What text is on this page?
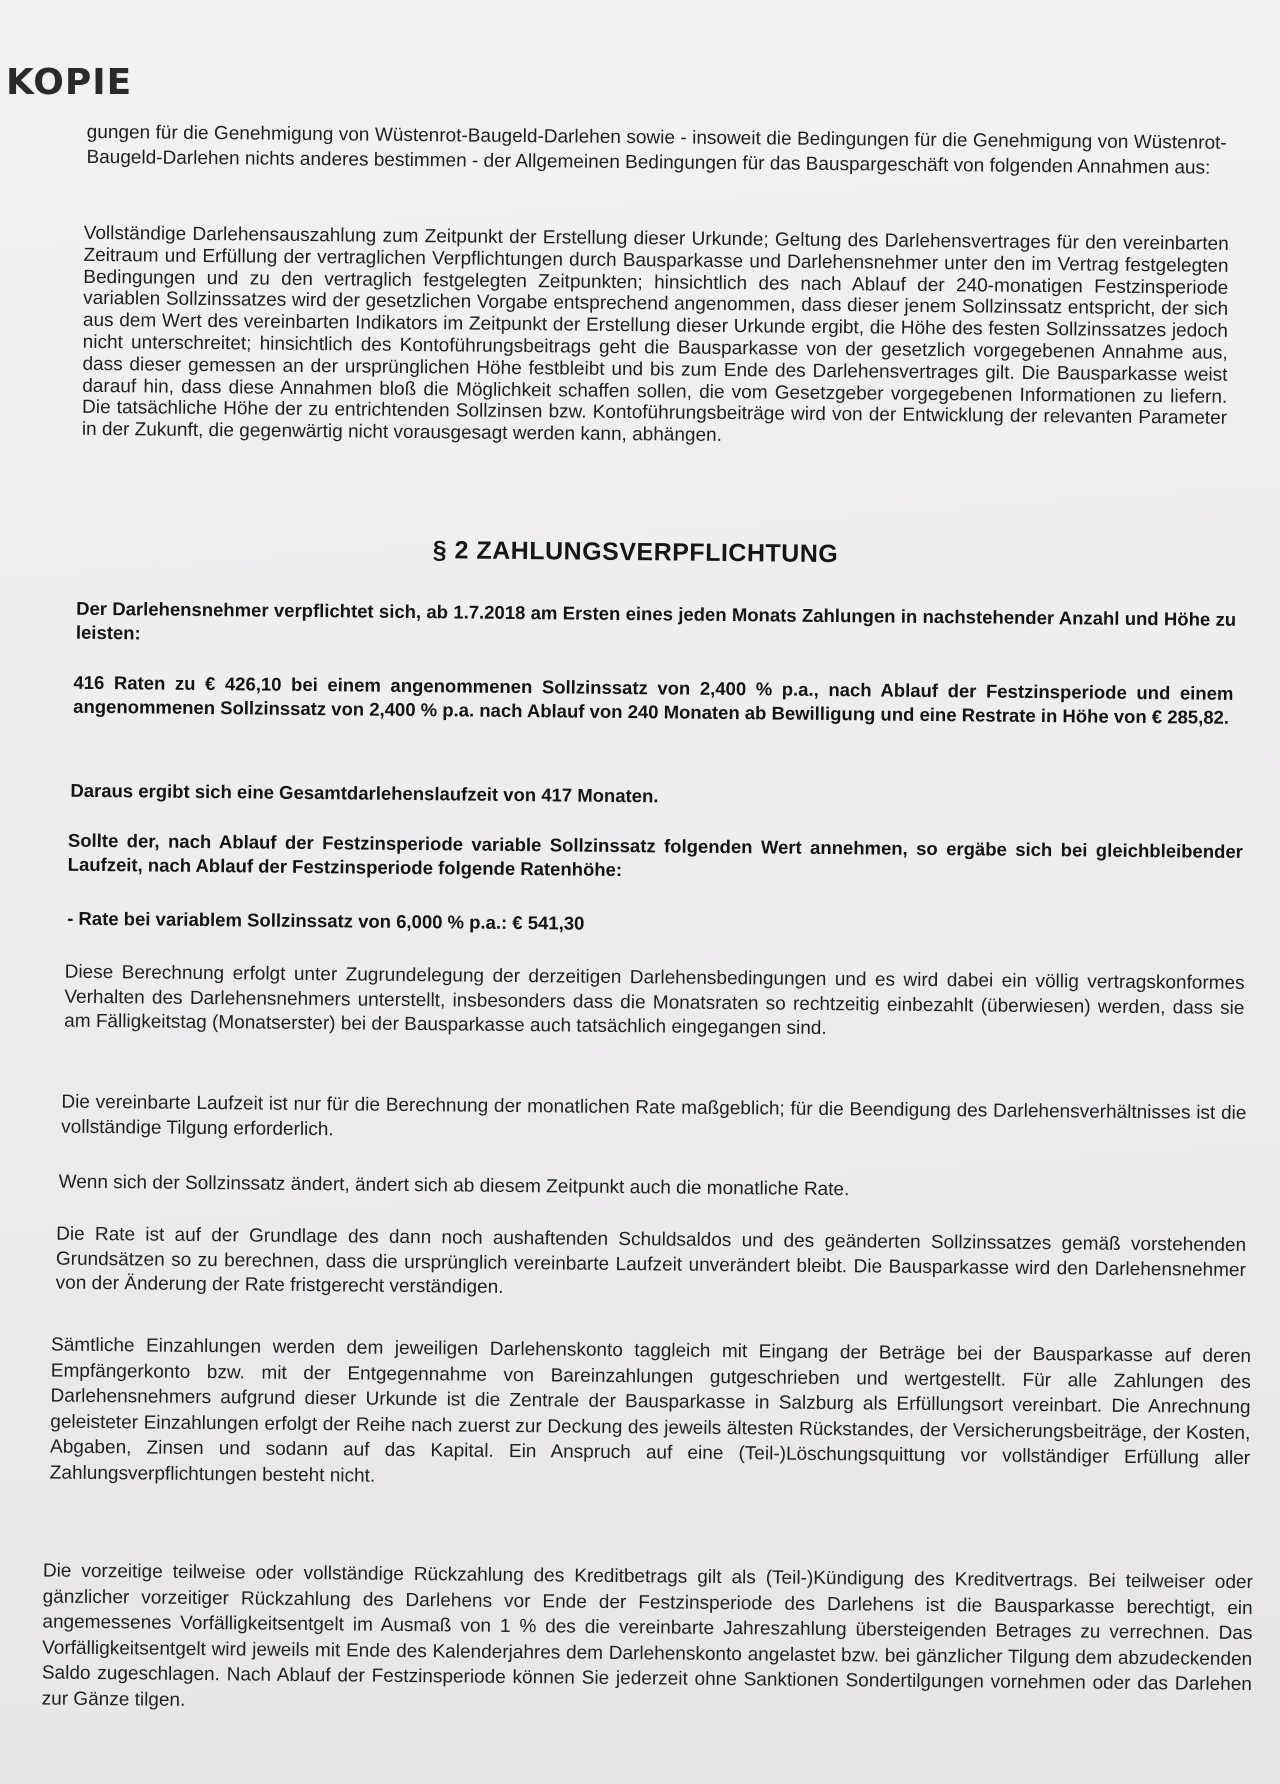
KOPIE

gungen für die Genehmigung von Wüstenrot-Baugeld-Darlehen sowie - insoweit die Bedingungen für die Genehmigung von Wüstenrot-Baugeld-Darlehen nichts anderes bestimmen - der Allgemeinen Bedingungen für das Bauspargeschäft von folgenden Annahmen aus:

Vollständige Darlehensauszahlung zum Zeitpunkt der Erstellung dieser Urkunde; Geltung des Darlehensvertrages für den vereinbarten Zeitraum und Erfüllung der vertraglichen Verpflichtungen durch Bausparkasse und Darlehensnehmer unter den im Vertrag festgelegten Bedingungen und zu den vertraglich festgelegten Zeitpunkten; hinsichtlich des nach Ablauf der 240-monatigen Festzinsperiode variablen Sollzinssatzes wird der gesetzlichen Vorgabe entsprechend angenommen, dass dieser jenem Sollzinssatz entspricht, der sich aus dem Wert des vereinbarten Indikators im Zeitpunkt der Erstellung dieser Urkunde ergibt, die Höhe des festen Sollzinssatzes jedoch nicht unterschreitet; hinsichtlich des Kontoführungsbeitrags geht die Bausparkasse von der gesetzlich vorgegebenen Annahme aus, dass dieser gemessen an der ursprünglichen Höhe festbleibt und bis zum Ende des Darlehensvertrages gilt. Die Bausparkasse weist darauf hin, dass diese Annahmen bloß die Möglichkeit schaffen sollen, die vom Gesetzgeber vorgegebenen Informationen zu liefern. Die tatsächliche Höhe der zu entrichtenden Sollzinsen bzw. Kontoführungsbeiträge wird von der Entwicklung der relevanten Parameter in der Zukunft, die gegenwärtig nicht vorausgesagt werden kann, abhängen.

§ 2 ZAHLUNGSVERPFLICHTUNG

Der Darlehensnehmer verpflichtet sich, ab 1.7.2018 am Ersten eines jeden Monats Zahlungen in nachstehender Anzahl und Höhe zu leisten:

416 Raten zu € 426,10 bei einem angenommenen Sollzinssatz von 2,400 % p.a., nach Ablauf der Festzinsperiode und einem angenommenen Sollzinssatz von 2,400 % p.a. nach Ablauf von 240 Monaten ab Bewilligung und eine Restrate in Höhe von € 285,82.

Daraus ergibt sich eine Gesamtdarlehenslaufzeit von 417 Monaten.

Sollte der, nach Ablauf der Festzinsperiode variable Sollzinssatz folgenden Wert annehmen, so ergäbe sich bei gleichbleibender Laufzeit, nach Ablauf der Festzinsperiode folgende Ratenhöhe:

- Rate bei variablem Sollzinssatz von 6,000 % p.a.: € 541,30

Diese Berechnung erfolgt unter Zugrundelegung der derzeitigen Darlehensbedingungen und es wird dabei ein völlig vertragskonformes Verhalten des Darlehensnehmers unterstellt, insbesonders dass die Monatsraten so rechtzeitig einbezahlt (überwiesen) werden, dass sie am Fälligkeitstag (Monatserster) bei der Bausparkasse auch tatsächlich eingegangen sind.

Die vereinbarte Laufzeit ist nur für die Berechnung der monatlichen Rate maßgeblich; für die Beendigung des Darlehensverhältnisses ist die vollständige Tilgung erforderlich.

Wenn sich der Sollzinssatz ändert, ändert sich ab diesem Zeitpunkt auch die monatliche Rate.

Die Rate ist auf der Grundlage des dann noch aushaftenden Schuldsaldos und des geänderten Sollzinssatzes gemäß vorstehenden Grundsätzen so zu berechnen, dass die ursprünglich vereinbarte Laufzeit unverändert bleibt. Die Bausparkasse wird den Darlehensnehmer von der Änderung der Rate fristgerecht verständigen.

Sämtliche Einzahlungen werden dem jeweiligen Darlehenskonto taggleich mit Eingang der Beträge bei der Bausparkasse auf deren Empfängerkonto bzw. mit der Entgegennahme von Bareinzahlungen gutgeschrieben und wertgestellt. Für alle Zahlungen des Darlehensnehmers aufgrund dieser Urkunde ist die Zentrale der Bausparkasse in Salzburg als Erfüllungsort vereinbart. Die Anrechnung geleisteter Einzahlungen erfolgt der Reihe nach zuerst zur Deckung des jeweils ältesten Rückstandes, der Versicherungsbeiträge, der Kosten, Abgaben, Zinsen und sodann auf das Kapital. Ein Anspruch auf eine (Teil-)Löschungsquittung vor vollständiger Erfüllung aller Zahlungsverpflichtungen besteht nicht.

Die vorzeitige teilweise oder vollständige Rückzahlung des Kreditbetrags gilt als (Teil-)Kündigung des Kreditvertrags. Bei teilweiser oder gänzlicher vorzeitiger Rückzahlung des Darlehens vor Ende der Festzinsperiode des Darlehens ist die Bausparkasse berechtigt, ein angemessenes Vorfälligkeitsentgelt im Ausmaß von 1 % des die vereinbarte Jahreszahlung übersteigenden Betrages zu verrechnen. Das Vorfälligkeitsentgelt wird jeweils mit Ende des Kalenderjahres dem Darlehenskonto angelastet bzw. bei gänzlicher Tilgung dem abzudeckenden Saldo zugeschlagen. Nach Ablauf der Festzinsperiode können Sie jederzeit ohne Sanktionen Sondertilgungen vornehmen oder das Darlehen zur Gänze tilgen.
